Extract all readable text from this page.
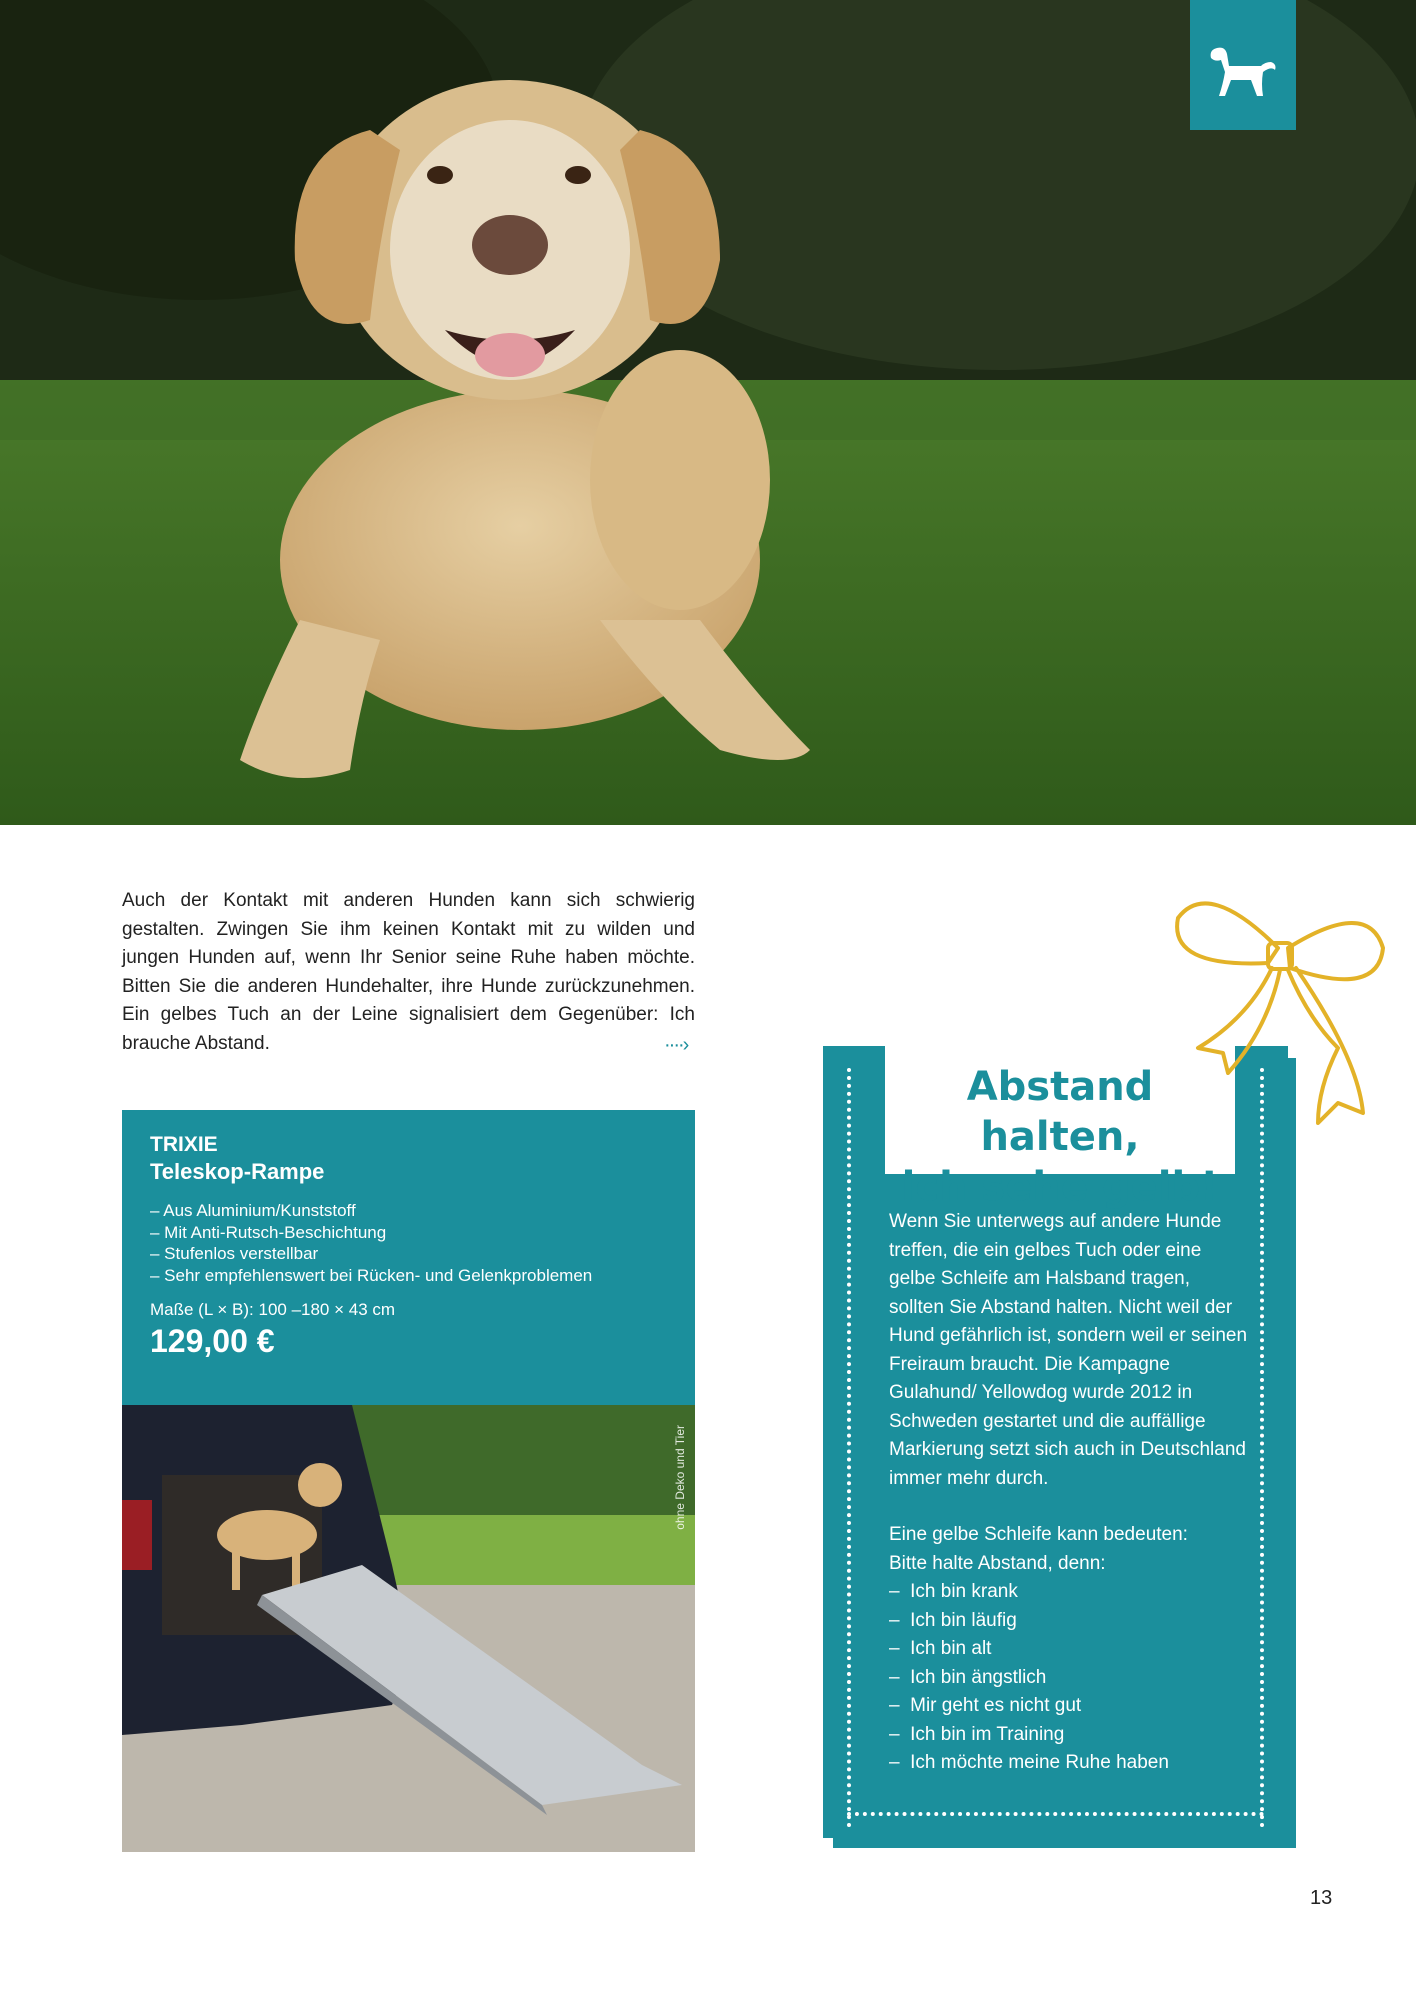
Auch der Kontakt mit anderen Hunden kann sich schwierig gestalten. Zwingen Sie ihm keinen Kontakt mit zu wilden und jungen Hunden auf, wenn Ihr Senior seine Ruhe haben möchte. Bitten Sie die anderen Hundehalter, ihre Hunde zurückzunehmen. Ein gelbes Tuch an der Leine signalisiert dem Gegenüber: Ich brauche Abstand.	····›
TRIXIE
Teleskop-Rampe
– Aus Aluminium/Kunststoff
– Mit Anti-Rutsch-Beschichtung
– Stufenlos verstellbar
– Sehr empfehlenswert bei Rücken- und Gelenkproblemen
Maße (L × B): 100 –180 × 43 cm
129,00 €
ohne Deko und Tier
Abstand halten,
ich sehe gelb!

Wenn Sie unterwegs auf andere Hunde treffen, die ein gelbes Tuch oder eine gelbe Schleife am Halsband tragen, sollten Sie Abstand halten. Nicht weil der Hund gefährlich ist, sondern weil er seinen Freiraum braucht. Die Kampagne Gulahund/ Yellowdog wurde 2012 in Schweden gestartet und die auffällige Markierung setzt sich auch in Deutschland immer mehr durch.

Eine gelbe Schleife kann bedeuten:

Bitte halte Abstand, denn:

–  Ich bin krank
–  Ich bin läufig
–  Ich bin alt
–  Ich bin ängstlich
–  Mir geht es nicht gut
–  Ich bin im Training
–  Ich möchte meine Ruhe haben
13
